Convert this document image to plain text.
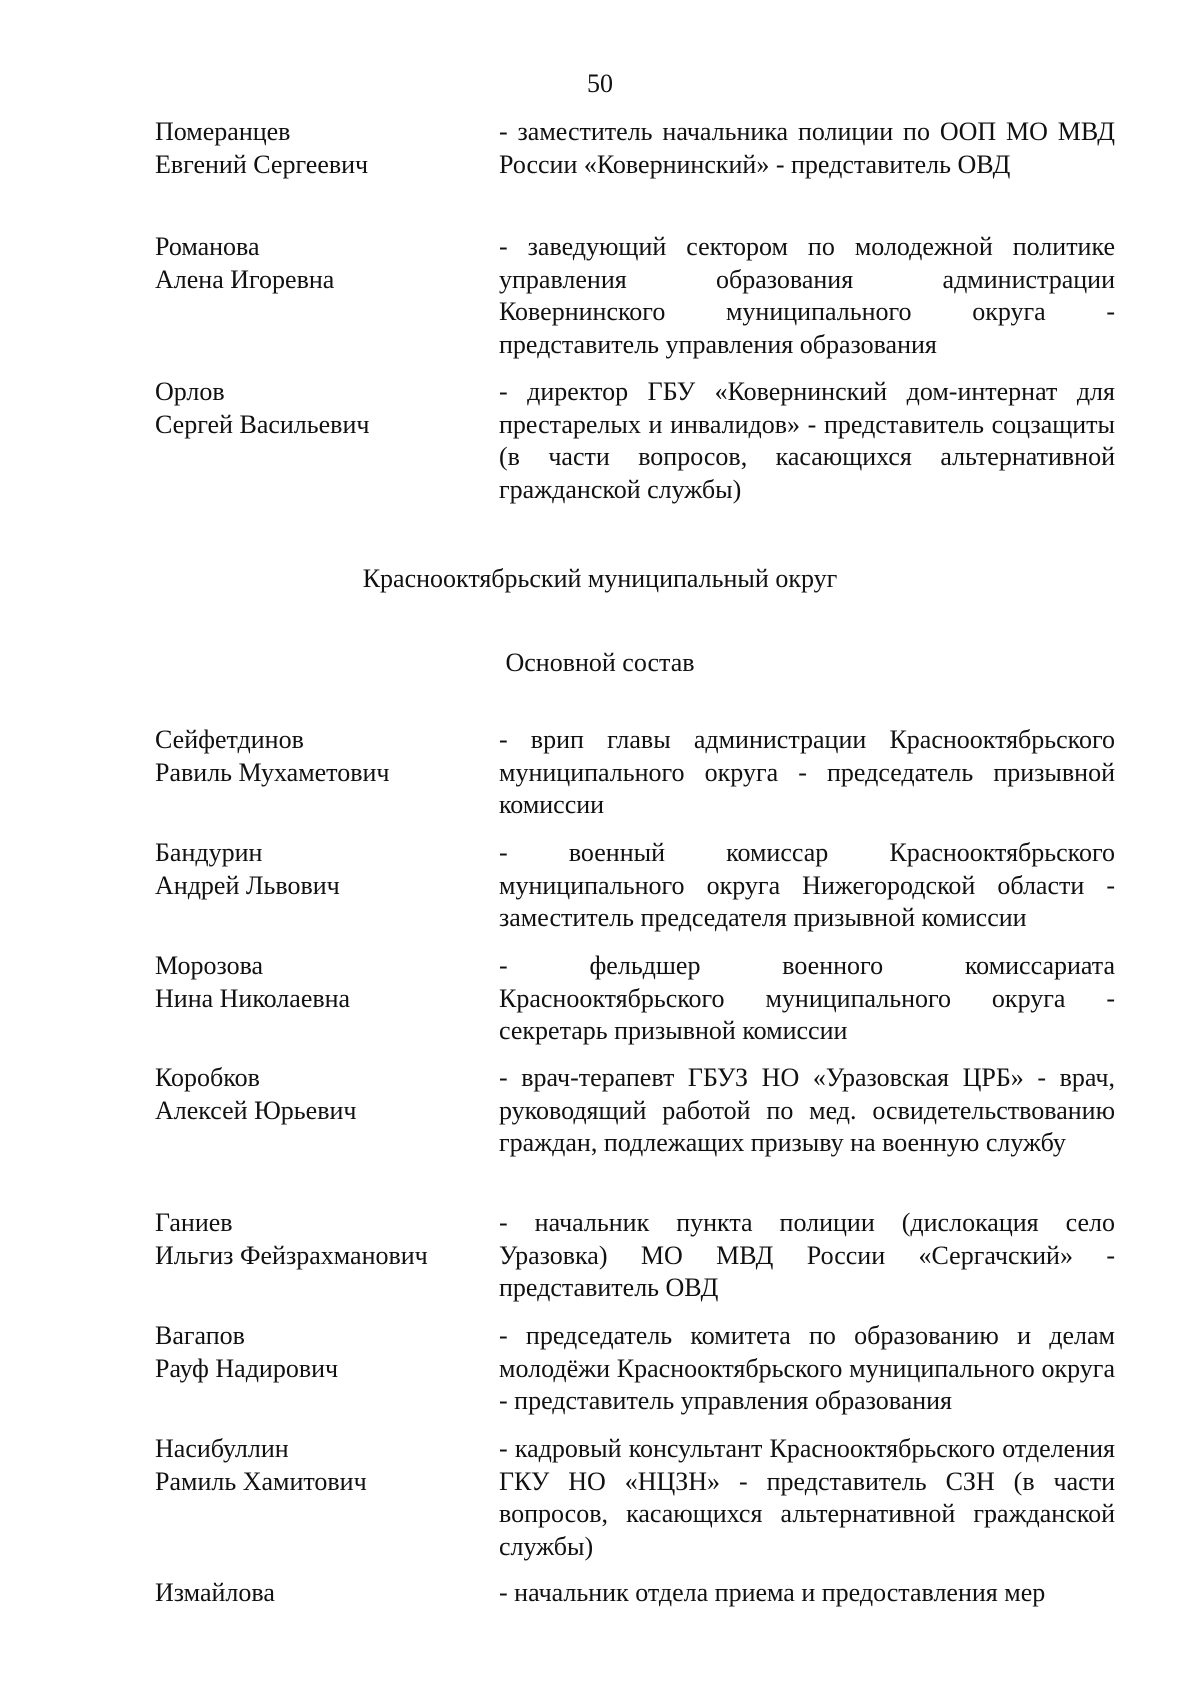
50
Померанцев
Евгений Сергеевич
- заместитель начальника полиции по ООП МО МВД России «Ковернинский» - представитель ОВД
Романова
Алена Игоревна
- заведующий сектором по молодежной политике управления образования администрации Ковернинского муниципального округа - представитель управления образования
Орлов
Сергей Васильевич
- директор ГБУ «Ковернинский дом-интернат для престарелых и инвалидов» - представитель соцзащиты (в части вопросов, касающихся альтернативной гражданской службы)
Краснооктябрьский муниципальный округ
Основной состав
Сейфетдинов
Равиль Мухаметович
- врип главы администрации Краснооктябрьского муниципального округа - председатель призывной комиссии
Бандурин
Андрей Львович
- военный комиссар Краснооктябрьского муниципального округа Нижегородской области - заместитель председателя призывной комиссии
Морозова
Нина Николаевна
- фельдшер военного комиссариата Краснооктябрьского муниципального округа - секретарь призывной комиссии
Коробков
Алексей Юрьевич
- врач-терапевт ГБУЗ НО «Уразовская ЦРБ» - врач, руководящий работой по мед. освидетельствованию граждан, подлежащих призыву на военную службу
Ганиев
Ильгиз Фейзрахманович
- начальник пункта полиции (дислокация село Уразовка) МО МВД России «Сергачский» - представитель ОВД
Вагапов
Рауф Надирович
- председатель комитета по образованию и делам молодёжи Краснооктябрьского муниципального округа - представитель управления образования
Насибуллин
Рамиль Хамитович
- кадровый консультант Краснооктябрьского отделения ГКУ НО «НЦЗН» - представитель СЗН (в части вопросов, касающихся альтернативной гражданской службы)
Измайлова	- начальник отдела приема и предоставления мер
